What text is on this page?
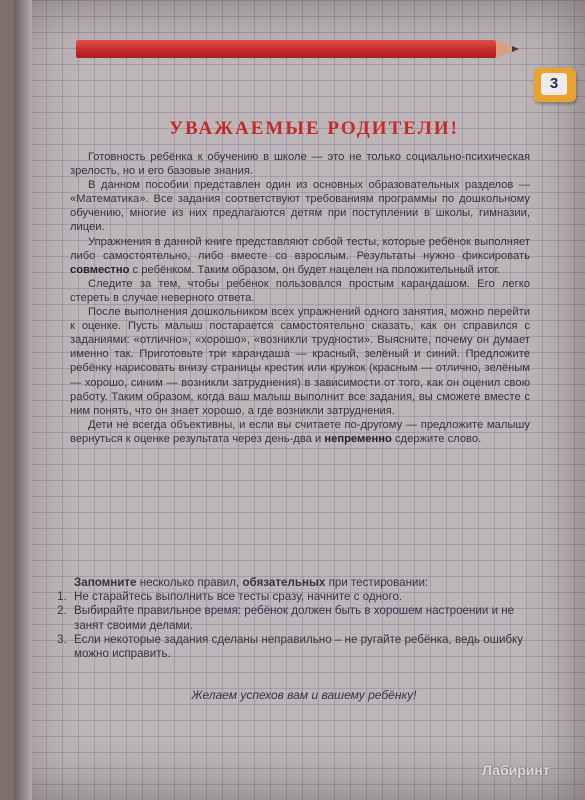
3
УВАЖАЕМЫЕ РОДИТЕЛИ!

Готовность ребёнка к обучению в школе — это не только социально-психическая зрелость, но и его базовые знания.

В данном пособии представлен один из основных образовательных разделов — «Математика». Все задания соответствуют требованиям программы по дошкольному обучению, многие из них предлагаются детям при поступлении в школы, гимназии, лицеи.

Упражнения в данной книге представляют собой тесты, которые ребёнок выполняет либо самостоятельно, либо вместе со взрослым. Результаты нужно фиксировать совместно с ребёнком. Таким образом, он будет нацелен на положительный итог.

Следите за тем, чтобы ребёнок пользовался простым карандашом. Его легко стереть в случае неверного ответа.

После выполнения дошкольником всех упражнений одного занятия, можно перейти к оценке. Пусть малыш постарается самостоятельно сказать, как он справился с заданиями: «отлично», «хорошо», «возникли трудности». Выясните, почему он думает именно так. Приготовьте три карандаша — красный, зелёный и синий. Предложите ребёнку нарисовать внизу страницы крестик или кружок (красным — отлично, зелёным — хорошо, синим — возникли затруднения) в зависимости от того, как он оценил свою работу. Таким образом, когда ваш малыш выполнит все задания, вы сможете вместе с ним понять, что он знает хорошо, а где возникли затруднения.

Дети не всегда объективны, и если вы считаете по-другому — предложите малышу вернуться к оценке результата через день-два и непременно сдержите слово.

Запомните несколько правил, обязательных при тестировании:

1. Не старайтесь выполнить все тесты сразу, начните с одного.
2. Выбирайте правильное время: ребёнок должен быть в хорошем настроении и не занят своими делами.
3. Если некоторые задания сделаны неправильно – не ругайте ребёнка, ведь ошибку можно исправить.
Желаем успехов вам и вашему ребёнку!
Лабиринт
